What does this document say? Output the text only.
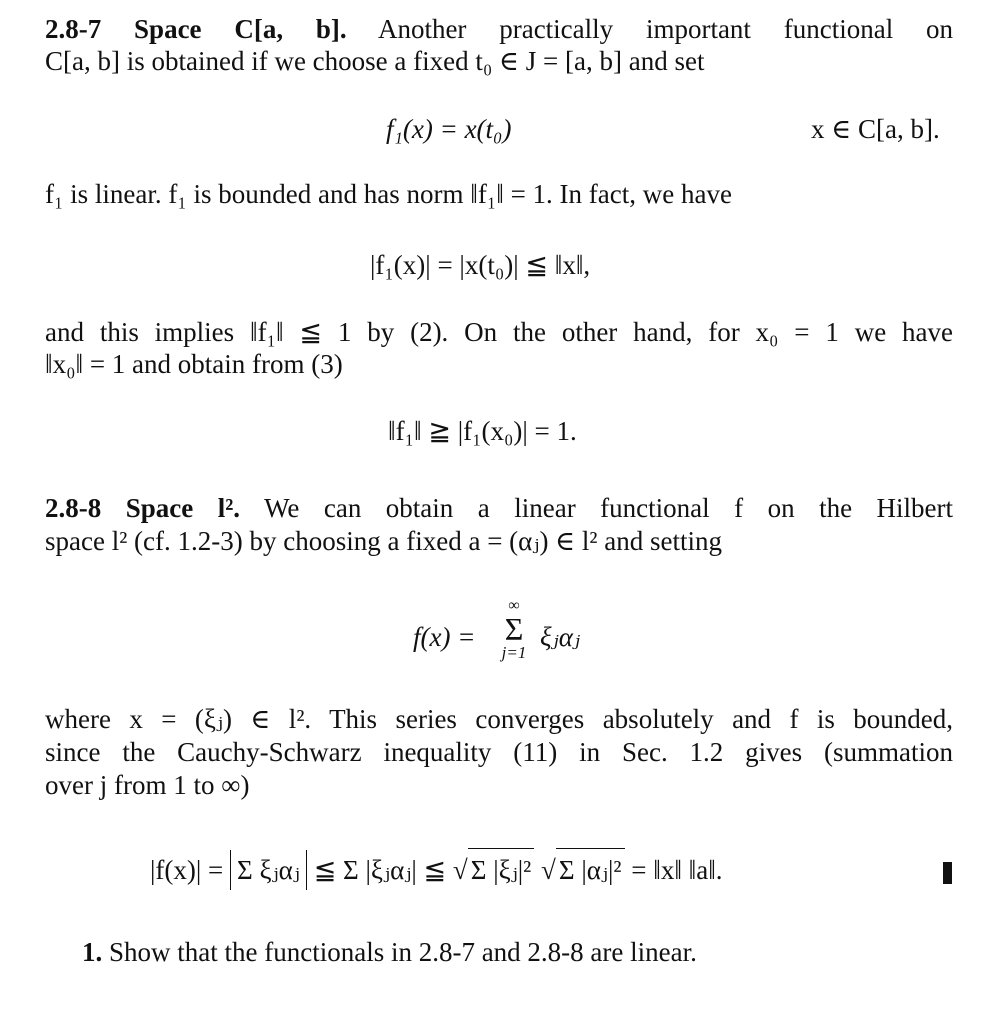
2.8-7 Space C[a, b]. Another practically important functional on
C[a, b] is obtained if we choose a fixed t₀ ∈ J = [a, b] and set
f₁(x) = x(t₀)	x ∈ C[a, b].
f₁ is linear. f₁ is bounded and has norm ‖f₁‖ = 1. In fact, we have
|f₁(x)| = |x(t₀)| ≦ ‖x‖,
and this implies ‖f₁‖ ≦ 1 by (2). On the other hand, for x₀ = 1 we have
‖x₀‖ = 1 and obtain from (3)
‖f₁‖ ≧ |f₁(x₀)| = 1.
2.8-8 Space l². We can obtain a linear functional f on the Hilbert
space l² (cf. 1.2-3) by choosing a fixed a = (αⱼ) ∈ l² and setting
f(x) =
∞
Σ
j=1
ξⱼαⱼ
where x = (ξⱼ) ∈ l². This series converges absolutely and f is bounded,
since the Cauchy-Schwarz inequality (11) in Sec. 1.2 gives (summation
over j from 1 to ∞)
|f(x)| = Σ ξⱼαⱼ ≦ Σ |ξⱼαⱼ| ≦ √ Σ |ξⱼ|² √ Σ |αⱼ|² = ‖x‖ ‖a‖.
1. Show that the functionals in 2.8-7 and 2.8-8 are linear.
